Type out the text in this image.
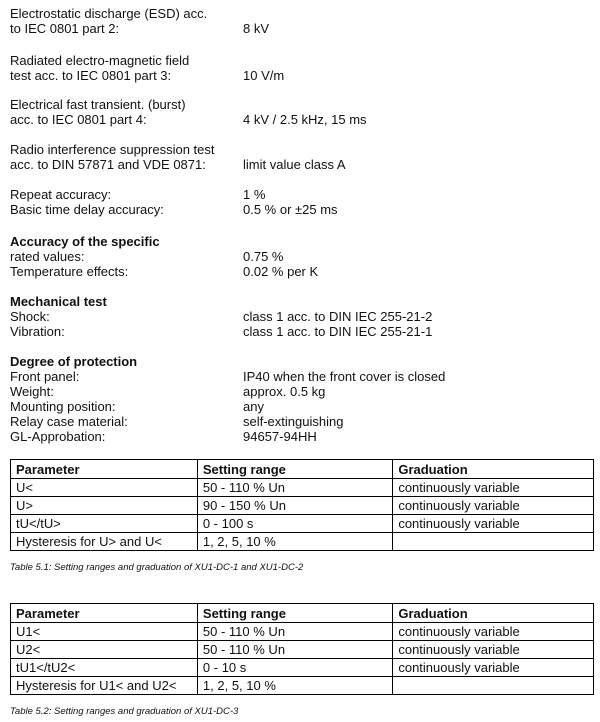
Electrostatic discharge (ESD) acc.
to IEC 0801 part 2:	8 kV
Radiated electro-magnetic field
test acc. to IEC 0801 part 3:	10 V/m
Electrical fast transient. (burst)
acc. to IEC 0801 part 4:	4 kV / 2.5 kHz, 15 ms
Radio interference suppression test
acc. to DIN 57871 and VDE 0871:	limit value class A
Repeat accuracy:	1 %
Basic time delay accuracy:	0.5 % or ±25 ms
Accuracy of the specific
rated values:	0.75 %
Temperature effects:	0.02 % per K
Mechanical test
Shock:	class 1 acc. to DIN IEC 255-21-2
Vibration:	class 1 acc. to DIN IEC 255-21-1
Degree of protection
Front panel:	IP40 when the front cover is closed
Weight:	approx. 0.5 kg
Mounting position:	any
Relay case material:	self-extinguishing
GL-Approbation:	94657-94HH
Parameter	Setting range	Graduation
U<	50 - 110 % Un	continuously variable
U>	90 - 150 % Un	continuously variable
tU</tU>	0 - 100 s	continuously variable
Hysteresis for U> and U<	1, 2, 5, 10 %	
Table 5.1: Setting ranges and graduation of XU1-DC-1 and XU1-DC-2
Parameter	Setting range	Graduation
U1<	50 - 110 % Un	continuously variable
U2<	50 - 110 % Un	continuously variable
tU1</tU2<	0 - 10 s	continuously variable
Hysteresis for U1< and U2<	1, 2, 5, 10 %	
Table 5.2: Setting ranges and graduation of XU1-DC-3
